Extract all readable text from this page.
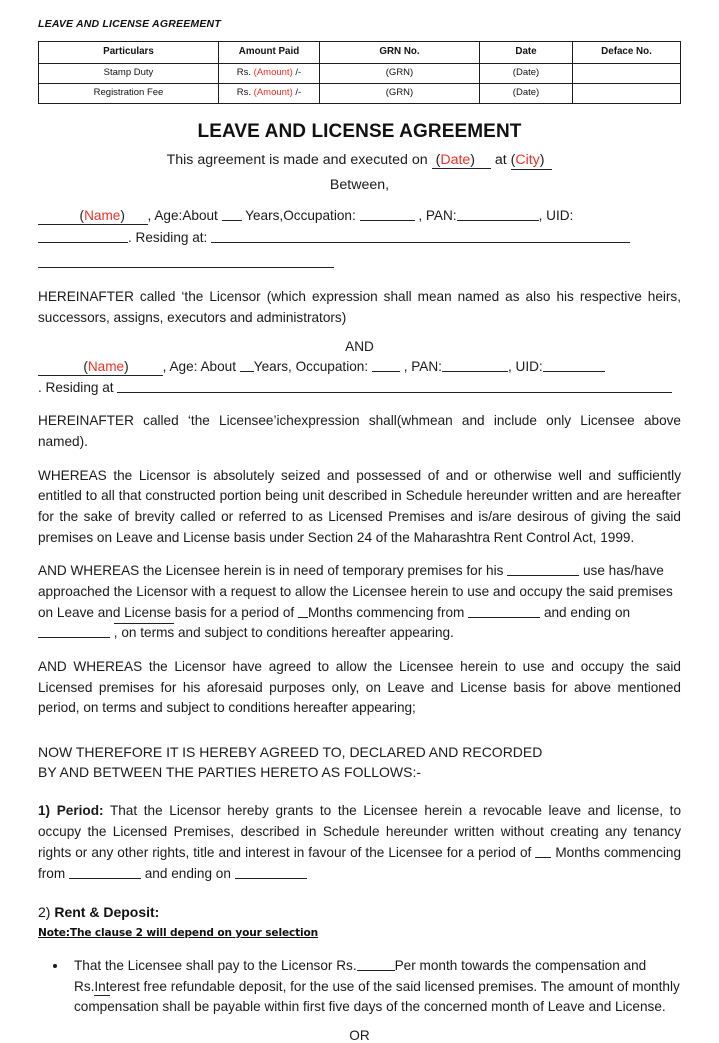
LEAVE AND LICENSE AGREEMENT
Particulars	Amount Paid	GRN No.	Date	Deface No.
Stamp Duty	Rs. (Amount) /-	(GRN)	(Date)	
Registration Fee	Rs. (Amount) /-	(GRN)	(Date)	
LEAVE AND LICENSE AGREEMENT
This agreement is made and executed on (Date) at (City)
Between,
(Name) , Age:About Years,Occupation:	, PAN:	, UID:
. Residing at:

HEREINAFTER called ‘the Licensor (which expression shall mean named as also his respective heirs, successors, assigns, executors and administrators)

AND
(Name)	, Age: About Years, Occupation:	, PAN:	, UID:
. Residing at

HEREINAFTER called ‘the Licensee’ichexpression shall(whmean and include only Licensee above named).

WHEREAS the Licensor is absolutely seized and possessed of and or otherwise well and sufficiently entitled to all that constructed portion being unit described in Schedule hereunder written and are hereafter for the sake of brevity called or referred to as Licensed Premises and is/are desirous of giving the said premises on Leave and License basis under Section 24 of the Maharashtra Rent Control Act, 1999.

AND WHEREAS the Licensee herein is in need of temporary premises for his	use has/have approached the Licensor with a request to allow the Licensee herein to use and occupy the said premises on Leave and License basis for a period of Months commencing from	and ending on  , on terms and subject to conditions hereafter appearing.

AND WHEREAS the Licensor have agreed to allow the Licensee herein to use and occupy the said Licensed premises for his aforesaid purposes only, on Leave and License basis for above mentioned period, on terms and subject to conditions hereafter appearing;

NOW THEREFORE IT IS HEREBY AGREED TO, DECLARED AND RECORDED
BY AND BETWEEN THE PARTIES HERETO AS FOLLOWS:-

1) Period: That the Licensor hereby grants to the Licensee herein a revocable leave and license, to occupy the Licensed Premises, described in Schedule hereunder written without creating any tenancy rights or any other rights, title and interest in favour of the Licensee for a period of Months commencing from	and ending on

2) Rent & Deposit:
Note:The clause 2 will depend on your selection
• That the Licensee shall pay to the Licensor Rs.	Per month towards the compensation and Rs.Interest free refundable deposit, for the use of the said licensed premises. The amount of monthly compensation shall be payable within first five days of the concerned month of Leave and License.
OR
